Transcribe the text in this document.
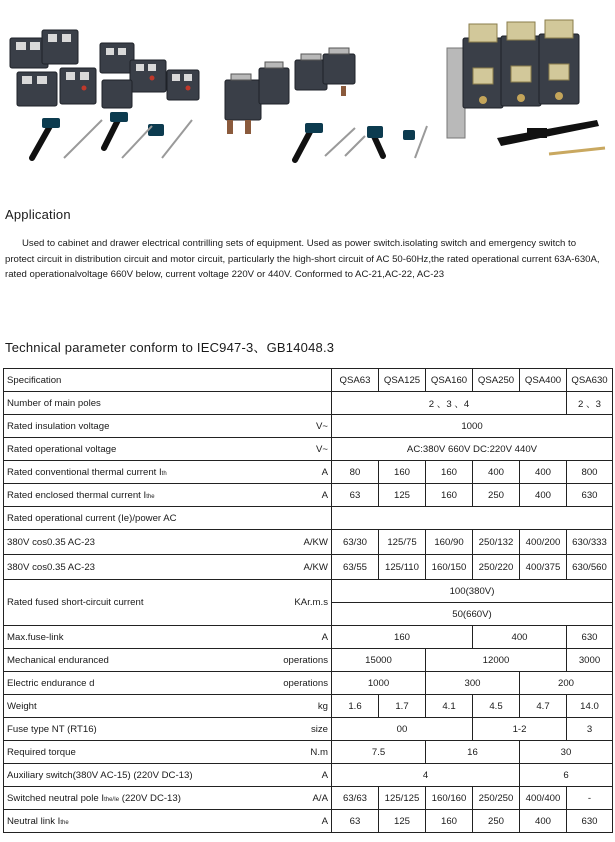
Application

Used to cabinet and drawer electrical contrilling sets of equipment. Used as power switch.isolating switch and emergency switch to protect circuit in distribution circuit and motor circuit, particularly the high-short circuit of AC 50-60Hz,the rated operational current 63A-630A, rated operationalvoltage 660V below, current voltage 220V or 440V. Conformed to AC-21,AC-22, AC-23

Technical parameter conform to IEC947-3、GB14048.3
Specification		QSA63	QSA125	QSA160	QSA250	QSA400	QSA630
Number of main poles		2 、3 、4					2 、3
Rated insulation voltage	V~	1000					
Rated operational voltage	V~	AC:380V 660V DC:220V 440V					
Rated conventional thermal current Ith	A	80	160	160	400	400	800
Rated enclosed thermal current Ithe	A	63	125	160	250	400	630
Rated operational current (Ie)/power AC							
380V cos0.35 AC-23	A/KW	63/30	125/75	160/90	250/132	400/200	630/333
380V cos0.35 AC-23	A/KW	63/55	125/110	160/150	250/220	400/375	630/560
Rated fused short-circuit current	KAr.m.s	100(380V)					
		50(660V)					
Max.fuse-link	A	160			400		630
Mechanical enduranced	operations	15000		12000			3000
Electric endurance d	operations	1000		300		200	
Weight	kg	1.6	1.7	4.1	4.5	4.7	14.0
Fuse type NT (RT16)	size	00			1-2		3
Required torque	N.m	7.5		16		30	
Auxiliary switch(380V AC-15) (220V DC-13)	A	4				6	
Switched neutral pole Ithe/Ie (220V DC-13)	A/A	63/63	125/125	160/160	250/250	400/400	-
Neutral link Ithe	A	63	125	160	250	400	630
